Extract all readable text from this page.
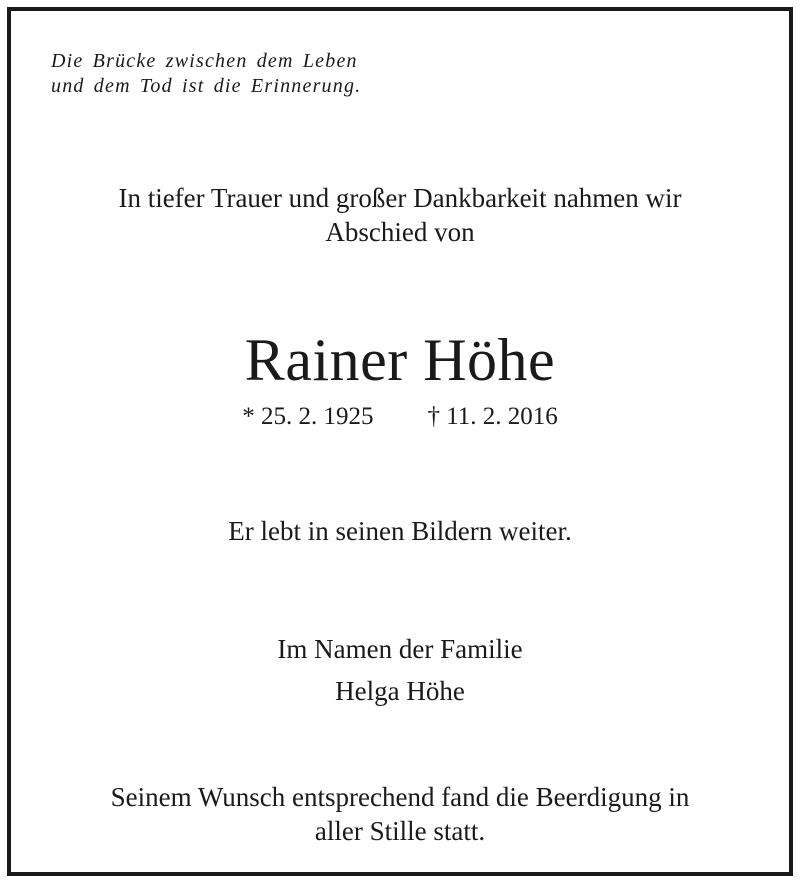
Die Brücke zwischen dem Leben
und dem Tod ist die Erinnerung.
In tiefer Trauer und großer Dankbarkeit nahmen wir
Abschied von
Rainer Höhe
* 25. 2. 1925 † 11. 2. 2016
Er lebt in seinen Bildern weiter.
Im Namen der Familie
Helga Höhe
Seinem Wunsch entsprechend fand die Beerdigung in
aller Stille statt.
